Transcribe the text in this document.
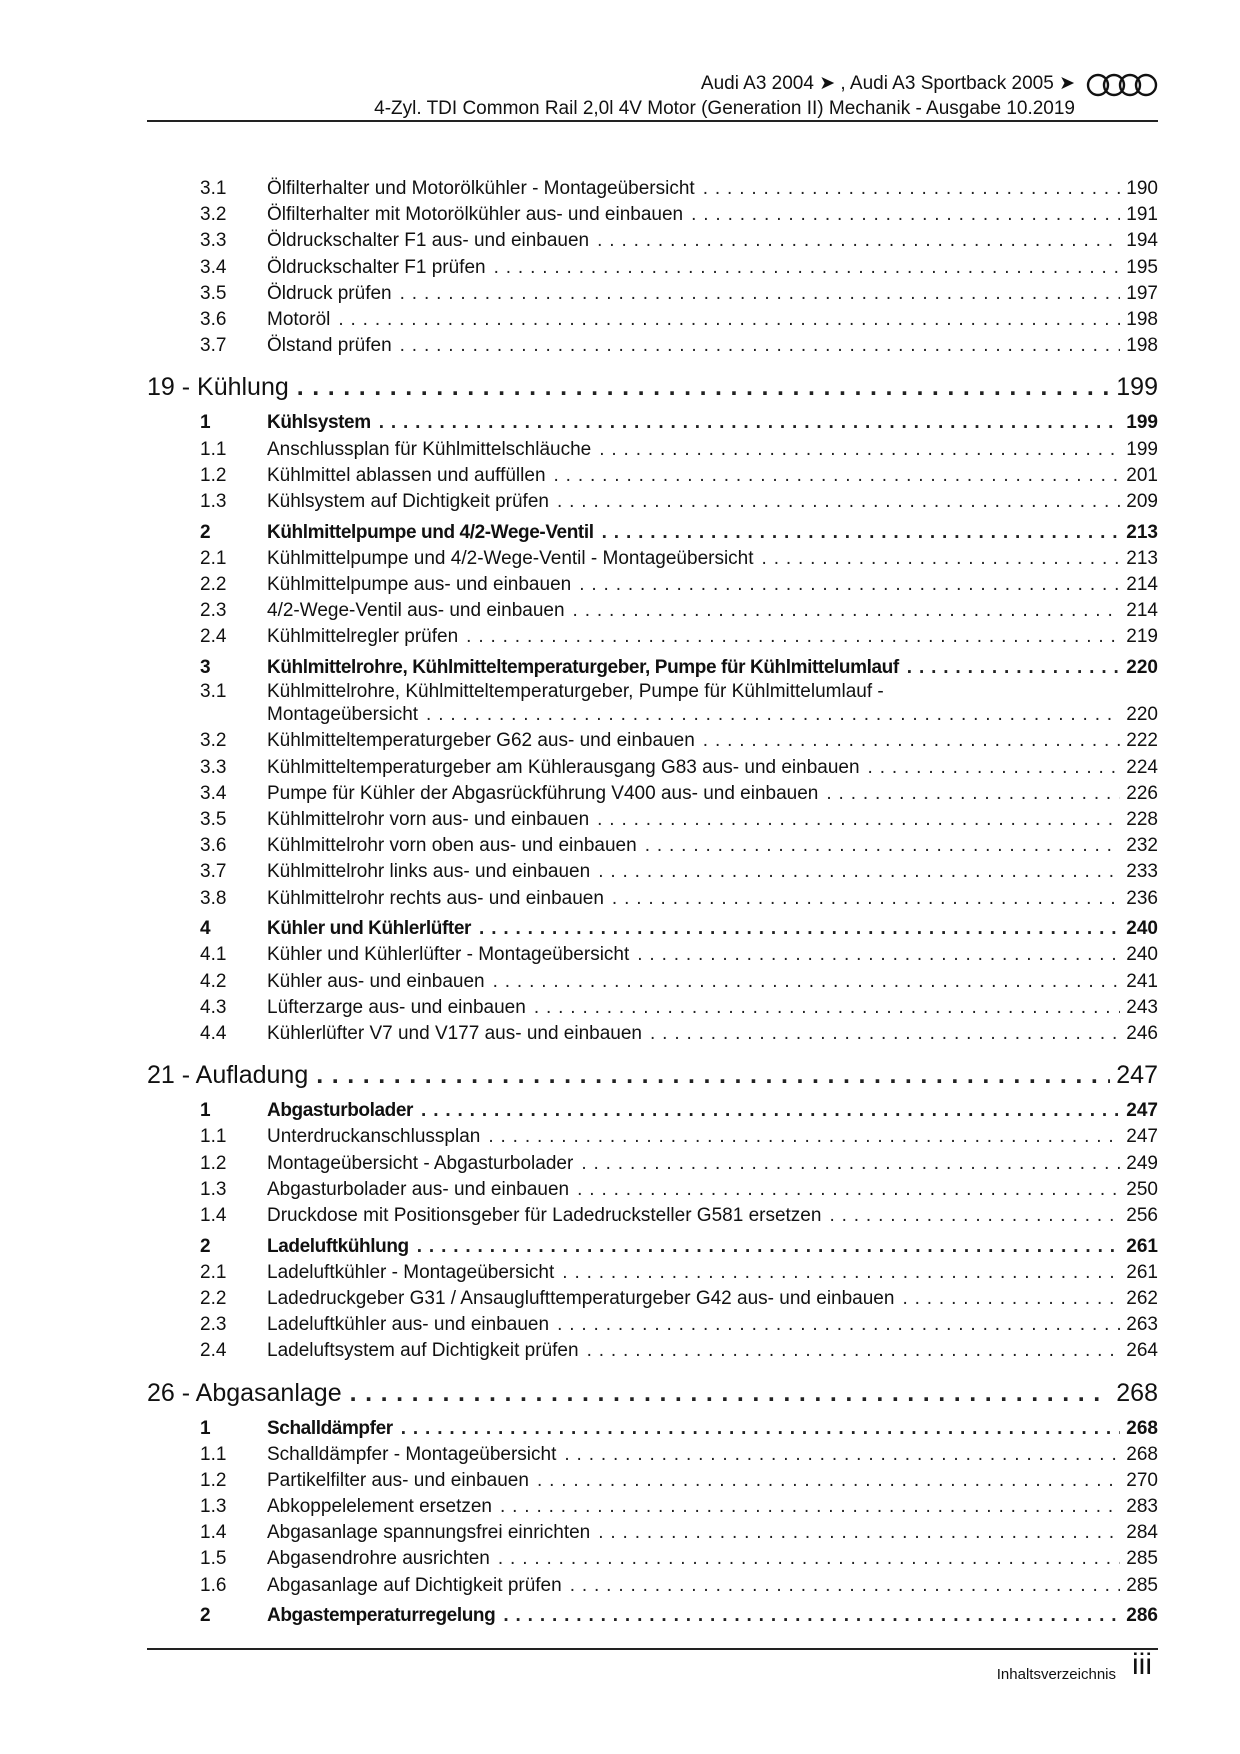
Audi A3 2004 ➤ , Audi A3 Sportback 2005 ➤
4-Zyl. TDI Common Rail 2,0l 4V Motor (Generation II) Mechanik - Ausgabe 10.2019
3.1	Ölfilterhalter und Motorölkühler - Montageübersicht . . .	190
3.2	Ölfilterhalter mit Motorölkühler aus- und einbauen . . .	191
3.3	Öldruckschalter F1 aus- und einbauen . . .	194
3.4	Öldruckschalter F1 prüfen . . .	195
3.5	Öldruck prüfen . . .	197
3.6	Motoröl . . .	198
3.7	Ölstand prüfen . . .	198
19 - Kühlung . . .	199
1	Kühlsystem . . .	199
1.1	Anschlussplan für Kühlmittelschläuche . . .	199
1.2	Kühlmittel ablassen und auffüllen . . .	201
1.3	Kühlsystem auf Dichtigkeit prüfen . . .	209
2	Kühlmittelpumpe und 4/2-Wege-Ventil . . .	213
2.1	Kühlmittelpumpe und 4/2-Wege-Ventil - Montageübersicht . . .	213
2.2	Kühlmittelpumpe aus- und einbauen . . .	214
2.3	4/2-Wege-Ventil aus- und einbauen . . .	214
2.4	Kühlmittelregler prüfen . . .	219
3	Kühlmittelrohre, Kühlmitteltemperaturgeber, Pumpe für Kühlmittelumlauf . . .	220
3.1	Kühlmittelrohre, Kühlmitteltemperaturgeber, Pumpe für Kühlmittelumlauf -
Montageübersicht . . .	220
3.2	Kühlmitteltemperaturgeber G62 aus- und einbauen . . .	222
3.3	Kühlmitteltemperaturgeber am Kühlerausgang G83 aus- und einbauen . . .	224
3.4	Pumpe für Kühler der Abgasrückführung V400 aus- und einbauen . . .	226
3.5	Kühlmittelrohr vorn aus- und einbauen . . .	228
3.6	Kühlmittelrohr vorn oben aus- und einbauen . . .	232
3.7	Kühlmittelrohr links aus- und einbauen . . .	233
3.8	Kühlmittelrohr rechts aus- und einbauen . . .	236
4	Kühler und Kühlerlüfter . . .	240
4.1	Kühler und Kühlerlüfter - Montageübersicht . . .	240
4.2	Kühler aus- und einbauen . . .	241
4.3	Lüfterzarge aus- und einbauen . . .	243
4.4	Kühlerlüfter V7 und V177 aus- und einbauen . . .	246
21 - Aufladung . . .	247
1	Abgasturbolader . . .	247
1.1	Unterdruckanschlussplan . . .	247
1.2	Montageübersicht - Abgasturbolader . . .	249
1.3	Abgasturbolader aus- und einbauen . . .	250
1.4	Druckdose mit Positionsgeber für Ladedrucksteller G581 ersetzen . . .	256
2	Ladeluftkühlung . . .	261
2.1	Ladeluftkühler - Montageübersicht . . .	261
2.2	Ladedruckgeber G31 / Ansauglufttemperaturgeber G42 aus- und einbauen . . .	262
2.3	Ladeluftkühler aus- und einbauen . . .	263
2.4	Ladeluftsystem auf Dichtigkeit prüfen . . .	264
26 - Abgasanlage . . .	268
1	Schalldämpfer . . .	268
1.1	Schalldämpfer - Montageübersicht . . .	268
1.2	Partikelfilter aus- und einbauen . . .	270
1.3	Abkoppelelement ersetzen . . .	283
1.4	Abgasanlage spannungsfrei einrichten . . .	284
1.5	Abgasendrohre ausrichten . . .	285
1.6	Abgasanlage auf Dichtigkeit prüfen . . .	285
2	Abgastemperaturregelung . . .	286
Inhaltsverzeichnis iii
